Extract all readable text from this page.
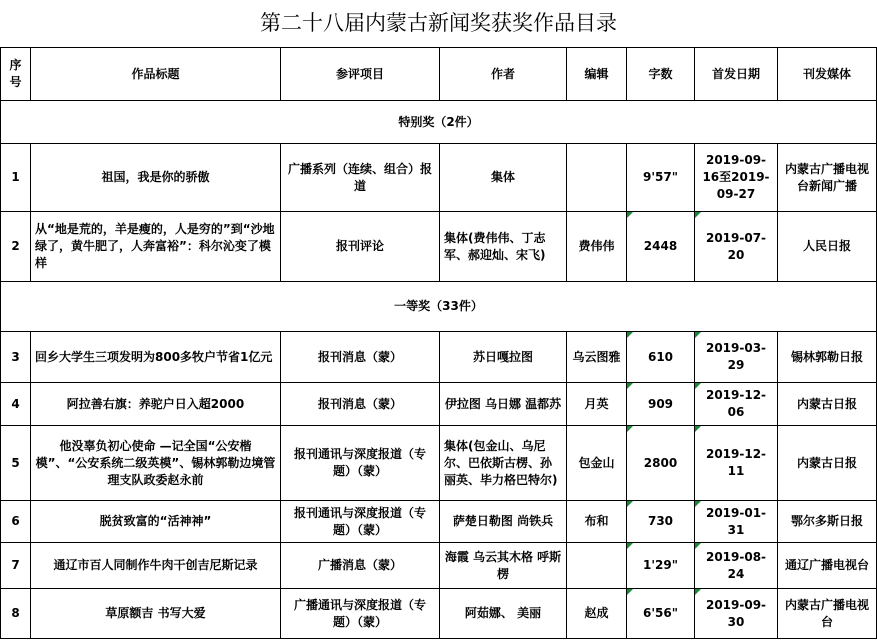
第二十八届内蒙古新闻奖获奖作品目录
序号	作品标题	参评项目	作者	编辑	字数	首发日期	刊发媒体
特别奖（2件）							
1	祖国，我是你的骄傲	广播系列（连续、组合）报道	集体		9'57"	2019-09-16至2019-09-27	内蒙古广播电视台新闻广播
2	从“地是荒的，羊是瘦的，人是穷的”到“沙地绿了，黄牛肥了，人奔富裕”：科尔沁变了模样	报刊评论	集体(费伟伟、丁志军、郝迎灿、宋飞)	费伟伟	2448	2019-07-20	人民日报
一等奖（33件）							
3	回乡大学生三项发明为800多牧户节省1亿元	报刊消息（蒙）	苏日嘎拉图	乌云图雅	610	2019-03-29	锡林郭勒日报
4	阿拉善右旗：养驼户日入超2000	报刊消息（蒙）	伊拉图 乌日娜 温都苏	月英	909	2019-12-06	内蒙古日报
5	他没辜负初心使命 —记全国“公安楷模”、“公安系统二级英模”、锡林郭勒边境管理支队政委赵永前	报刊通讯与深度报道（专题）（蒙）	集体(包金山、乌尼尔、巴依斯古楞、孙丽英、毕力格巴特尔)	包金山	2800	2019-12-11	内蒙古日报
6	脱贫致富的“活神神”	报刊通讯与深度报道（专题）（蒙）	萨楚日勒图 尚铁兵	布和	730	2019-01-31	鄂尔多斯日报
7	通辽市百人同制作牛肉干创吉尼斯记录	广播消息（蒙）	海霞 乌云其木格 呼斯楞		1'29"	2019-08-24	通辽广播电视台
8	草原额吉 书写大爱	广播通讯与深度报道（专题）（蒙）	阿茹娜、 美丽	赵成	6'56"	2019-09-30	内蒙古广播电视台
